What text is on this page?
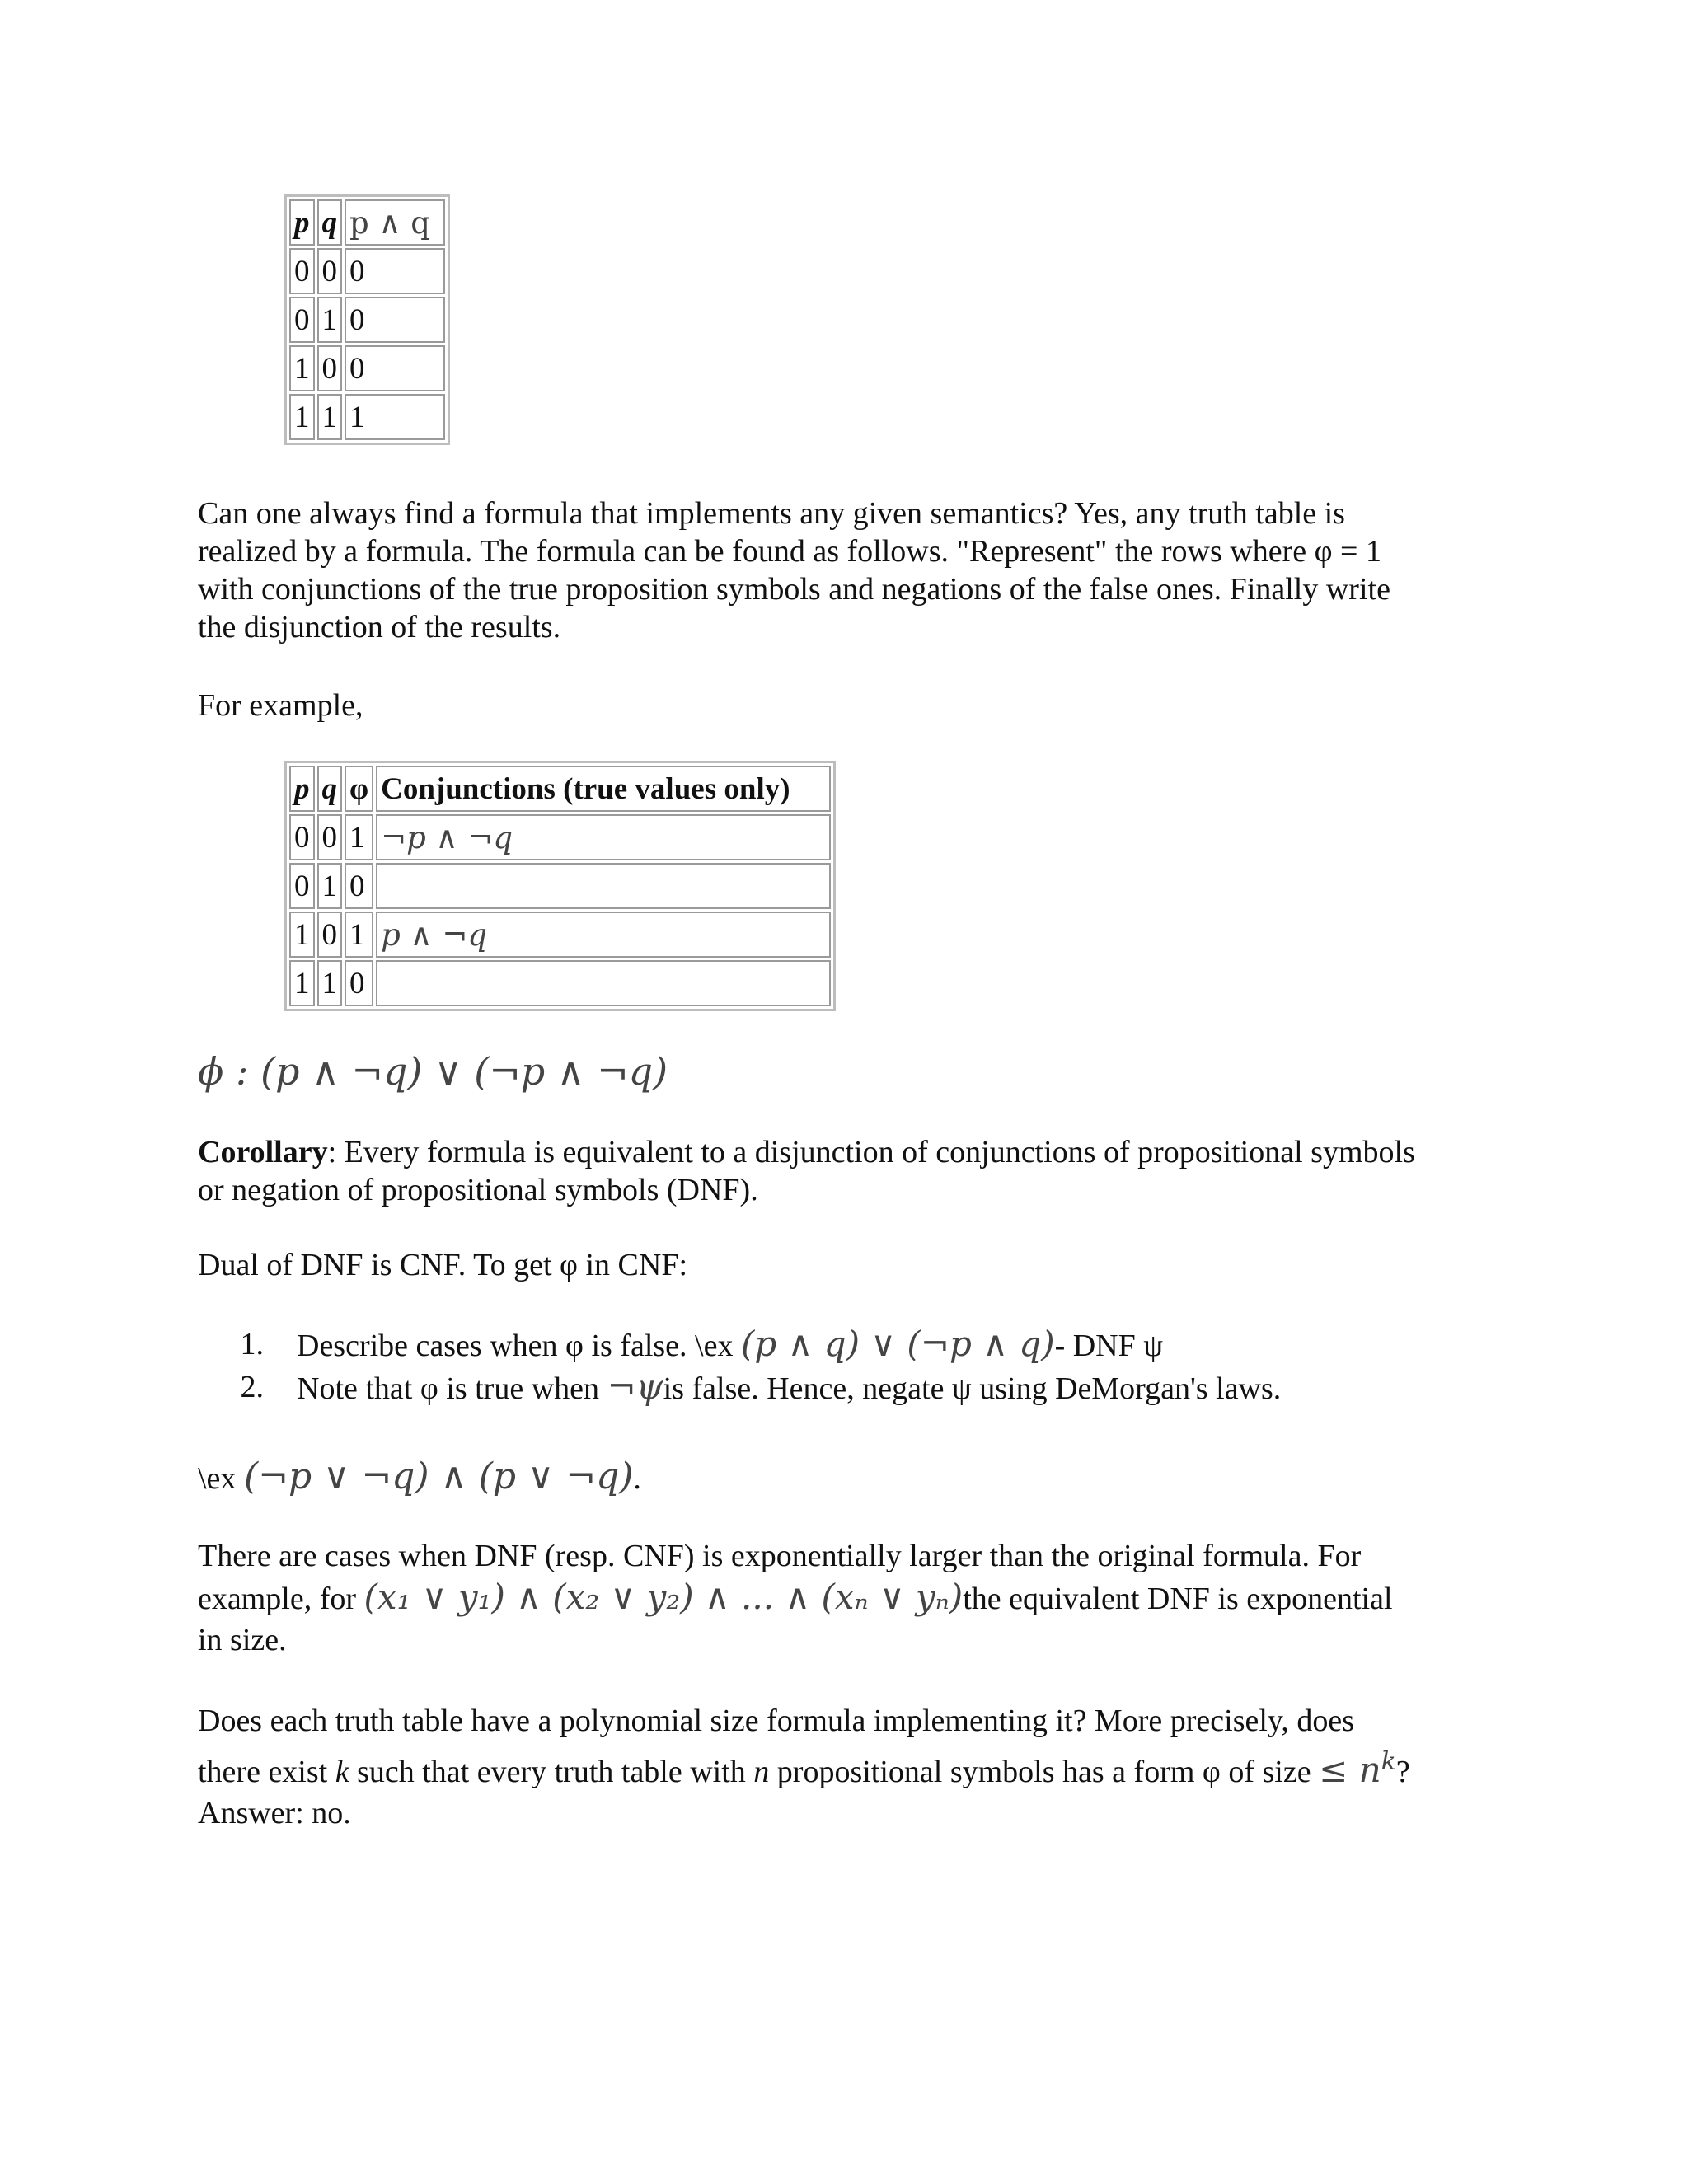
p	q	p ∧ q
0	0	0
0	1	0
1	0	0
1	1	1
Can one always find a formula that implements any given semantics? Yes, any truth table is
realized by a formula. The formula can be found as follows. "Represent" the rows where φ = 1
with conjunctions of the true proposition symbols and negations of the false ones. Finally write
the disjunction of the results.
For example,
p	q	φ	Conjunctions (true values only)
0	0	1	¬p ∧ ¬q
0	1	0	
1	0	1	p ∧ ¬q
1	1	0	
ϕ : (p ∧ ¬q) ∨ (¬p ∧ ¬q)
Corollary: Every formula is equivalent to a disjunction of conjunctions of propositional symbols
or negation of propositional symbols (DNF).
Dual of DNF is CNF. To get φ in CNF:
1. Describe cases when φ is false. \ex (p ∧ q) ∨ (¬p ∧ q)- DNF ψ
2. Note that φ is true when ¬ψis false. Hence, negate ψ using DeMorgan's laws.
\ex (¬p ∨ ¬q) ∧ (p ∨ ¬q).
There are cases when DNF (resp. CNF) is exponentially larger than the original formula. For
example, for (x₁ ∨ y₁) ∧ (x₂ ∨ y₂) ∧ ... ∧ (xₙ ∨ yₙ)the equivalent DNF is exponential
in size.
Does each truth table have a polynomial size formula implementing it? More precisely, does
there exist k such that every truth table with n propositional symbols has a form φ of size ≤ $n^k$?
Answer: no.
